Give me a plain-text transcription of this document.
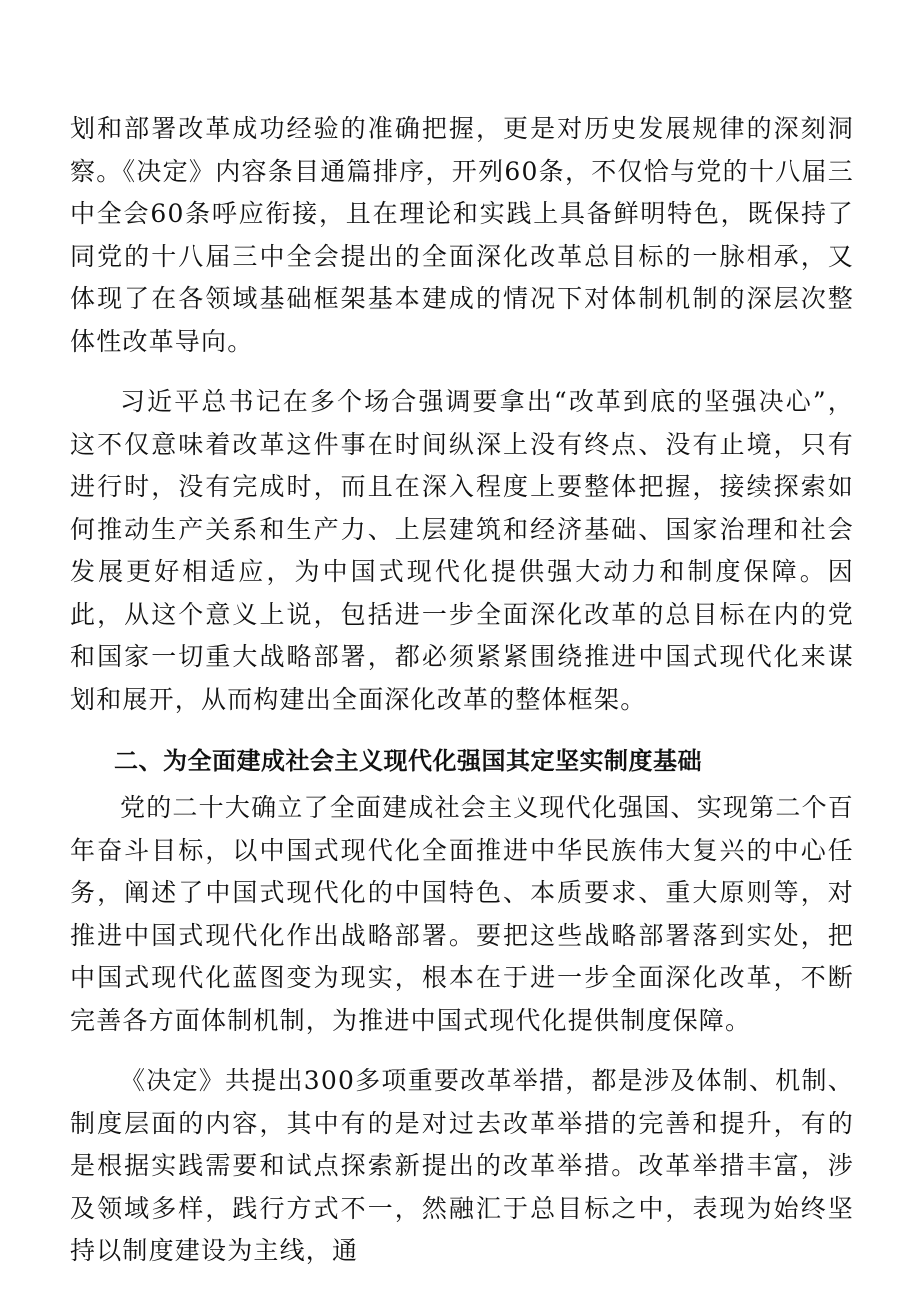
划和部署改革成功经验的准确把握，更是对历史发展规律的深刻洞察。《决定》内容条目通篇排序，开列60条，不仅恰与党的十八届三中全会60条呼应衔接，且在理论和实践上具备鲜明特色，既保持了同党的十八届三中全会提出的全面深化改革总目标的一脉相承，又体现了在各领域基础框架基本建成的情况下对体制机制的深层次整体性改革导向。

习近平总书记在多个场合强调要拿出“改革到底的坚强决心”，这不仅意味着改革这件事在时间纵深上没有终点、没有止境，只有进行时，没有完成时，而且在深入程度上要整体把握，接续探索如何推动生产关系和生产力、上层建筑和经济基础、国家治理和社会发展更好相适应，为中国式现代化提供强大动力和制度保障。因此，从这个意义上说，包括进一步全面深化改革的总目标在内的党和国家一切重大战略部署，都必须紧紧围绕推进中国式现代化来谋划和展开，从而构建出全面深化改革的整体框架。

二、为全面建成社会主义现代化强国其定坚实制度基础

党的二十大确立了全面建成社会主义现代化强国、实现第二个百年奋斗目标，以中国式现代化全面推进中华民族伟大复兴的中心任务，阐述了中国式现代化的中国特色、本质要求、重大原则等，对推进中国式现代化作出战略部署。要把这些战略部署落到实处，把中国式现代化蓝图变为现实，根本在于进一步全面深化改革，不断完善各方面体制机制，为推进中国式现代化提供制度保障。

《决定》共提出300多项重要改革举措，都是涉及体制、机制、制度层面的内容，其中有的是对过去改革举措的完善和提升，有的是根据实践需要和试点探索新提出的改革举措。改革举措丰富，涉及领域多样，践行方式不一，然融汇于总目标之中，表现为始终坚持以制度建设为主线，通
